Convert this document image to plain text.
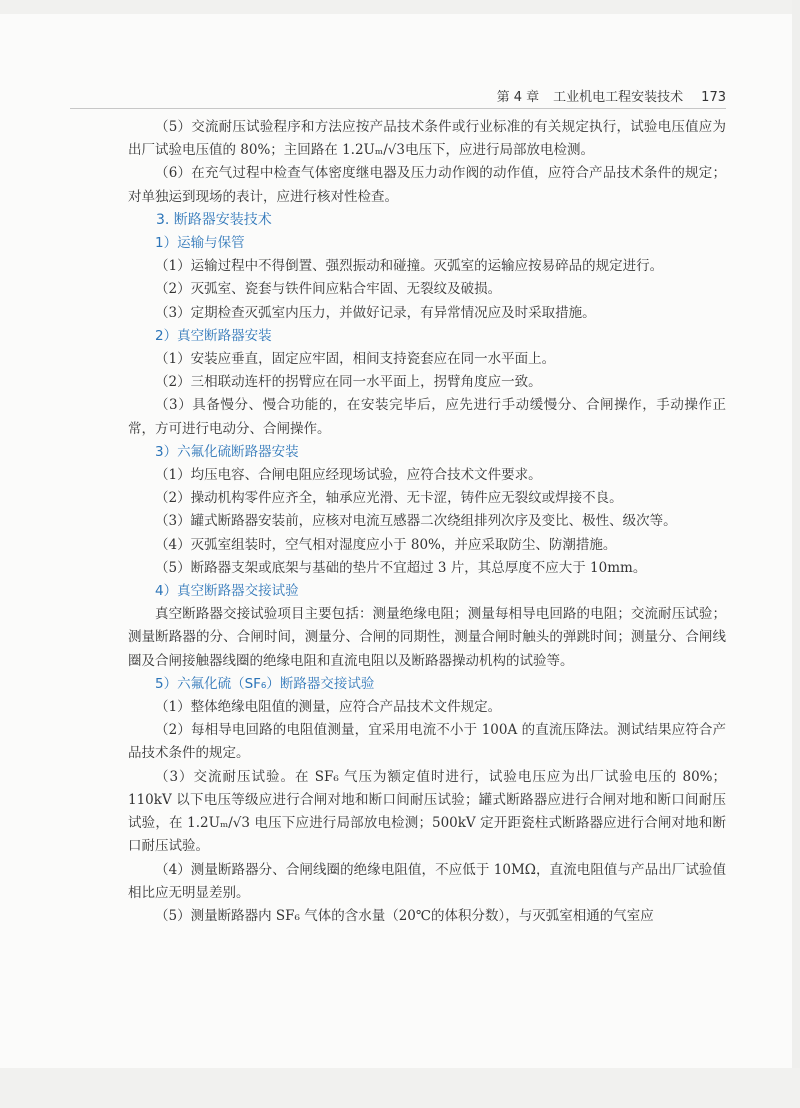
第 4 章 工业机电工程安装技术 173

（5）交流耐压试验程序和方法应按产品技术条件或行业标准的有关规定执行，试验电压值应为出厂试验电压值的 80%；主回路在 1.2Uₘ/√3电压下，应进行局部放电检测。

（6）在充气过程中检查气体密度继电器及压力动作阀的动作值，应符合产品技术条件的规定；对单独运到现场的表计，应进行核对性检查。

3. 断路器安装技术

1）运输与保管

（1）运输过程中不得倒置、强烈振动和碰撞。灭弧室的运输应按易碎品的规定进行。

（2）灭弧室、瓷套与铁件间应粘合牢固、无裂纹及破损。

（3）定期检查灭弧室内压力，并做好记录，有异常情况应及时采取措施。

2）真空断路器安装

（1）安装应垂直，固定应牢固，相间支持瓷套应在同一水平面上。

（2）三相联动连杆的拐臂应在同一水平面上，拐臂角度应一致。

（3）具备慢分、慢合功能的，在安装完毕后，应先进行手动缓慢分、合闸操作，手动操作正常，方可进行电动分、合闸操作。

3）六氟化硫断路器安装

（1）均压电容、合闸电阻应经现场试验，应符合技术文件要求。

（2）操动机构零件应齐全，轴承应光滑、无卡涩，铸件应无裂纹或焊接不良。

（3）罐式断路器安装前，应核对电流互感器二次绕组排列次序及变比、极性、级次等。

（4）灭弧室组装时，空气相对湿度应小于 80%，并应采取防尘、防潮措施。

（5）断路器支架或底架与基础的垫片不宜超过 3 片，其总厚度不应大于 10mm。

4）真空断路器交接试验

真空断路器交接试验项目主要包括：测量绝缘电阻；测量每相导电回路的电阻；交流耐压试验；测量断路器的分、合闸时间，测量分、合闸的同期性，测量合闸时触头的弹跳时间；测量分、合闸线圈及合闸接触器线圈的绝缘电阻和直流电阻以及断路器操动机构的试验等。

5）六氟化硫（SF₆）断路器交接试验

（1）整体绝缘电阻值的测量，应符合产品技术文件规定。

（2）每相导电回路的电阻值测量，宜采用电流不小于 100A 的直流压降法。测试结果应符合产品技术条件的规定。

（3）交流耐压试验。在 SF₆ 气压为额定值时进行，试验电压应为出厂试验电压的 80%；110kV 以下电压等级应进行合闸对地和断口间耐压试验；罐式断路器应进行合闸对地和断口间耐压试验，在 1.2Uₘ/√3 电压下应进行局部放电检测；500kV 定开距瓷柱式断路器应进行合闸对地和断口耐压试验。

（4）测量断路器分、合闸线圈的绝缘电阻值，不应低于 10MΩ，直流电阻值与产品出厂试验值相比应无明显差别。

（5）测量断路器内 SF₆ 气体的含水量（20℃的体积分数），与灭弧室相通的气室应
